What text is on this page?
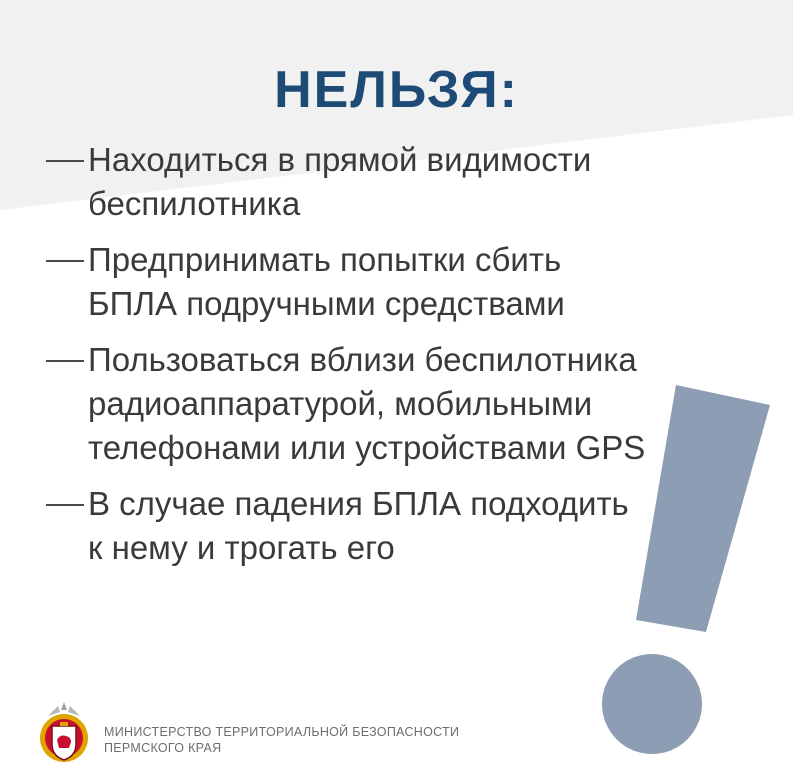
НЕЛЬЗЯ:
Находиться в прямой видимости
беспилотника
Предпринимать попытки сбить
БПЛА подручными средствами
Пользоваться вблизи беспилотника
радиоаппаратурой, мобильными
телефонами или устройствами GPS
В случае падения БПЛА подходить
к нему и трогать его
МИНИСТЕРСТВО ТЕРРИТОРИАЛЬНОЙ БЕЗОПАСНОСТИ
ПЕРМСКОГО КРАЯ
